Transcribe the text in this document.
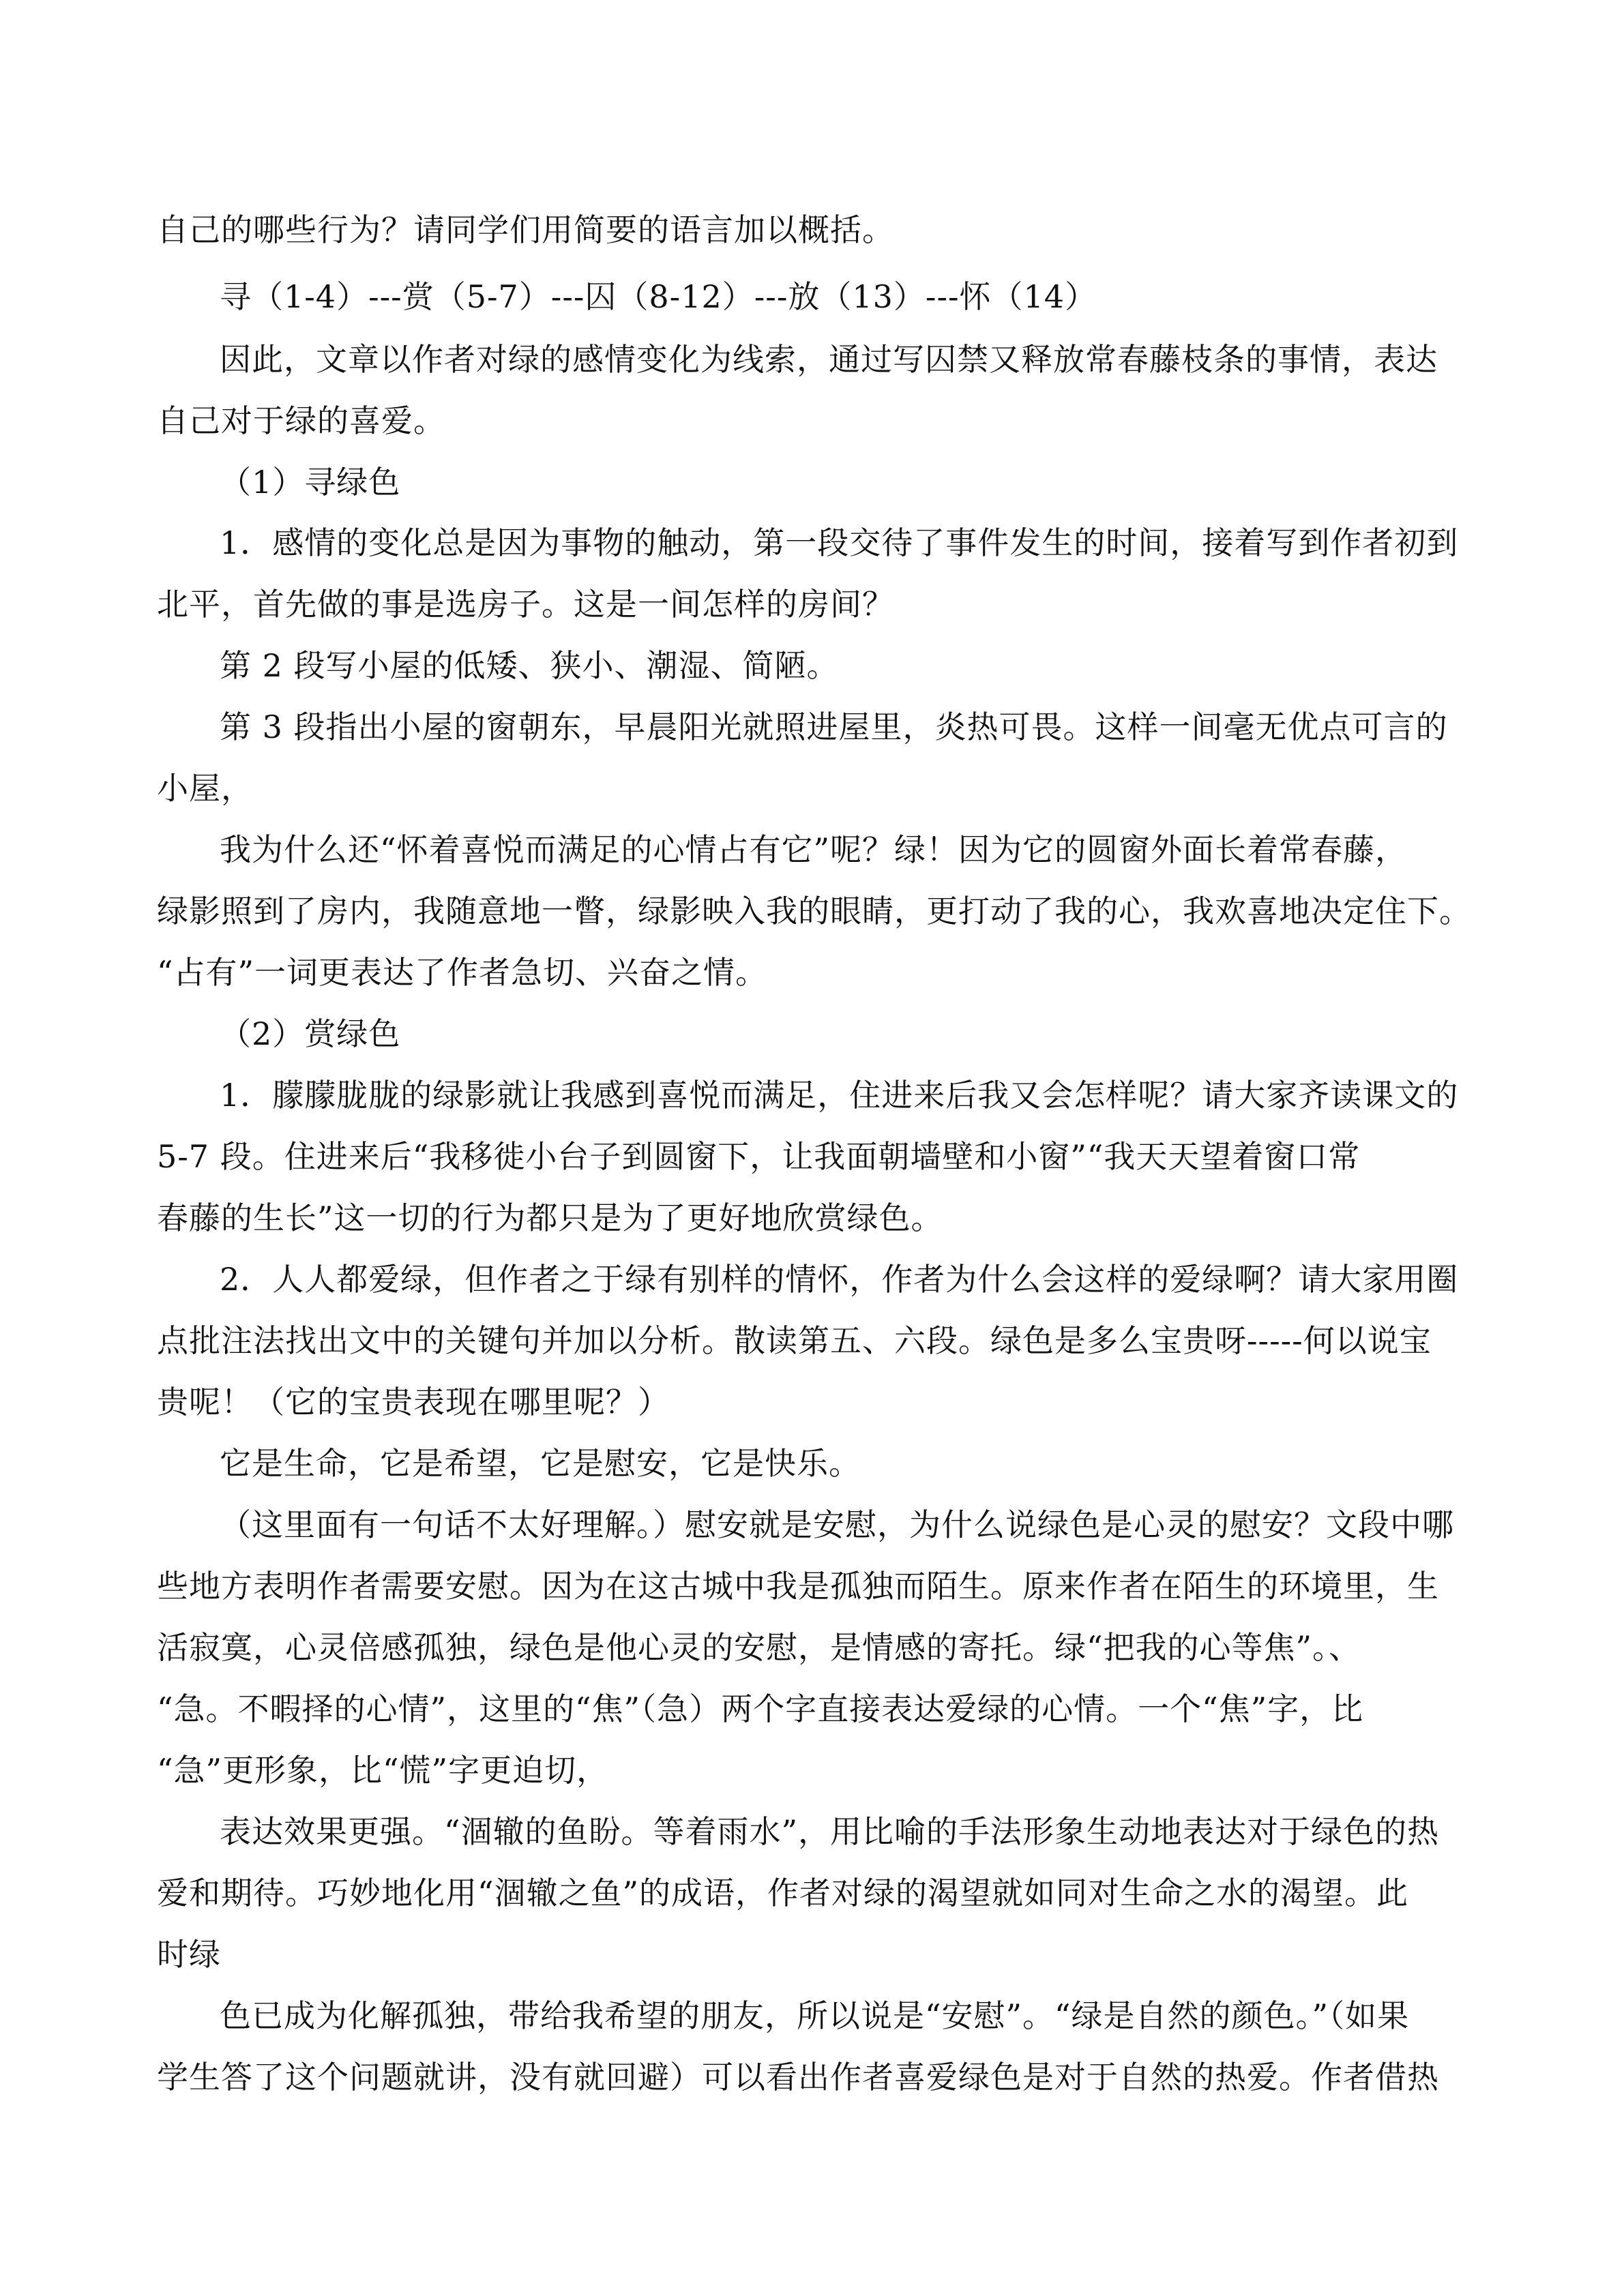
自己的哪些行为？请同学们用简要的语言加以概括。
寻（1-4）---赏（5-7）---囚（8-12）---放（13）---怀（14）
因此，文章以作者对绿的感情变化为线索，通过写囚禁又释放常春藤枝条的事情，表达
自己对于绿的喜爱。
（1）寻绿色
1．感情的变化总是因为事物的触动，第一段交待了事件发生的时间，接着写到作者初到
北平，首先做的事是选房子。这是一间怎样的房间？
第 2 段写小屋的低矮、狭小、潮湿、简陋。
第 3 段指出小屋的窗朝东，早晨阳光就照进屋里，炎热可畏。这样一间毫无优点可言的
小屋，
我为什么还“怀着喜悦而满足的心情占有它”呢？绿！因为它的圆窗外面长着常春藤，
绿影照到了房内，我随意地一瞥，绿影映入我的眼睛，更打动了我的心，我欢喜地决定住下。
“占有”一词更表达了作者急切、兴奋之情。
（2）赏绿色
1．朦朦胧胧的绿影就让我感到喜悦而满足，住进来后我又会怎样呢？请大家齐读课文的
5-7 段。住进来后“我移徙小台子到圆窗下，让我面朝墙壁和小窗”“我天天望着窗口常
春藤的生长”这一切的行为都只是为了更好地欣赏绿色。
2．人人都爱绿，但作者之于绿有别样的情怀，作者为什么会这样的爱绿啊？请大家用圈
点批注法找出文中的关键句并加以分析。散读第五、六段。绿色是多么宝贵呀-----何以说宝
贵呢！（它的宝贵表现在哪里呢？）
它是生命，它是希望，它是慰安，它是快乐。
（这里面有一句话不太好理解。）慰安就是安慰，为什么说绿色是心灵的慰安？文段中哪
些地方表明作者需要安慰。因为在这古城中我是孤独而陌生。原来作者在陌生的环境里，生
活寂寞，心灵倍感孤独，绿色是他心灵的安慰，是情感的寄托。绿“把我的心等焦”。、
“急。不暇择的心情”，这里的“焦”（急）两个字直接表达爱绿的心情。一个“焦”字，比
“急”更形象，比“慌”字更迫切，
表达效果更强。“涸辙的鱼盼。等着雨水”，用比喻的手法形象生动地表达对于绿色的热
爱和期待。巧妙地化用“涸辙之鱼”的成语，作者对绿的渴望就如同对生命之水的渴望。此
时绿
色已成为化解孤独，带给我希望的朋友，所以说是“安慰”。“绿是自然的颜色。”（如果
学生答了这个问题就讲，没有就回避）可以看出作者喜爱绿色是对于自然的热爱。作者借热
